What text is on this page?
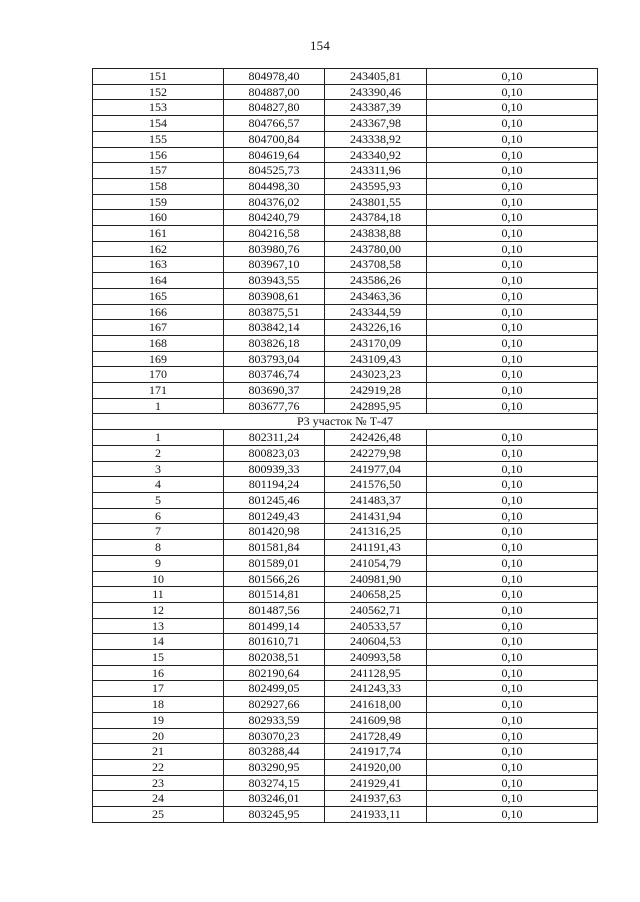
154
151	804978,40	243405,81	0,10
152	804887,00	243390,46	0,10
153	804827,80	243387,39	0,10
154	804766,57	243367,98	0,10
155	804700,84	243338,92	0,10
156	804619,64	243340,92	0,10
157	804525,73	243311,96	0,10
158	804498,30	243595,93	0,10
159	804376,02	243801,55	0,10
160	804240,79	243784,18	0,10
161	804216,58	243838,88	0,10
162	803980,76	243780,00	0,10
163	803967,10	243708,58	0,10
164	803943,55	243586,26	0,10
165	803908,61	243463,36	0,10
166	803875,51	243344,59	0,10
167	803842,14	243226,16	0,10
168	803826,18	243170,09	0,10
169	803793,04	243109,43	0,10
170	803746,74	243023,23	0,10
171	803690,37	242919,28	0,10
1	803677,76	242895,95	0,10
Р3 участок № Т-47			
1	802311,24	242426,48	0,10
2	800823,03	242279,98	0,10
3	800939,33	241977,04	0,10
4	801194,24	241576,50	0,10
5	801245,46	241483,37	0,10
6	801249,43	241431,94	0,10
7	801420,98	241316,25	0,10
8	801581,84	241191,43	0,10
9	801589,01	241054,79	0,10
10	801566,26	240981,90	0,10
11	801514,81	240658,25	0,10
12	801487,56	240562,71	0,10
13	801499,14	240533,57	0,10
14	801610,71	240604,53	0,10
15	802038,51	240993,58	0,10
16	802190,64	241128,95	0,10
17	802499,05	241243,33	0,10
18	802927,66	241618,00	0,10
19	802933,59	241609,98	0,10
20	803070,23	241728,49	0,10
21	803288,44	241917,74	0,10
22	803290,95	241920,00	0,10
23	803274,15	241929,41	0,10
24	803246,01	241937,63	0,10
25	803245,95	241933,11	0,10
